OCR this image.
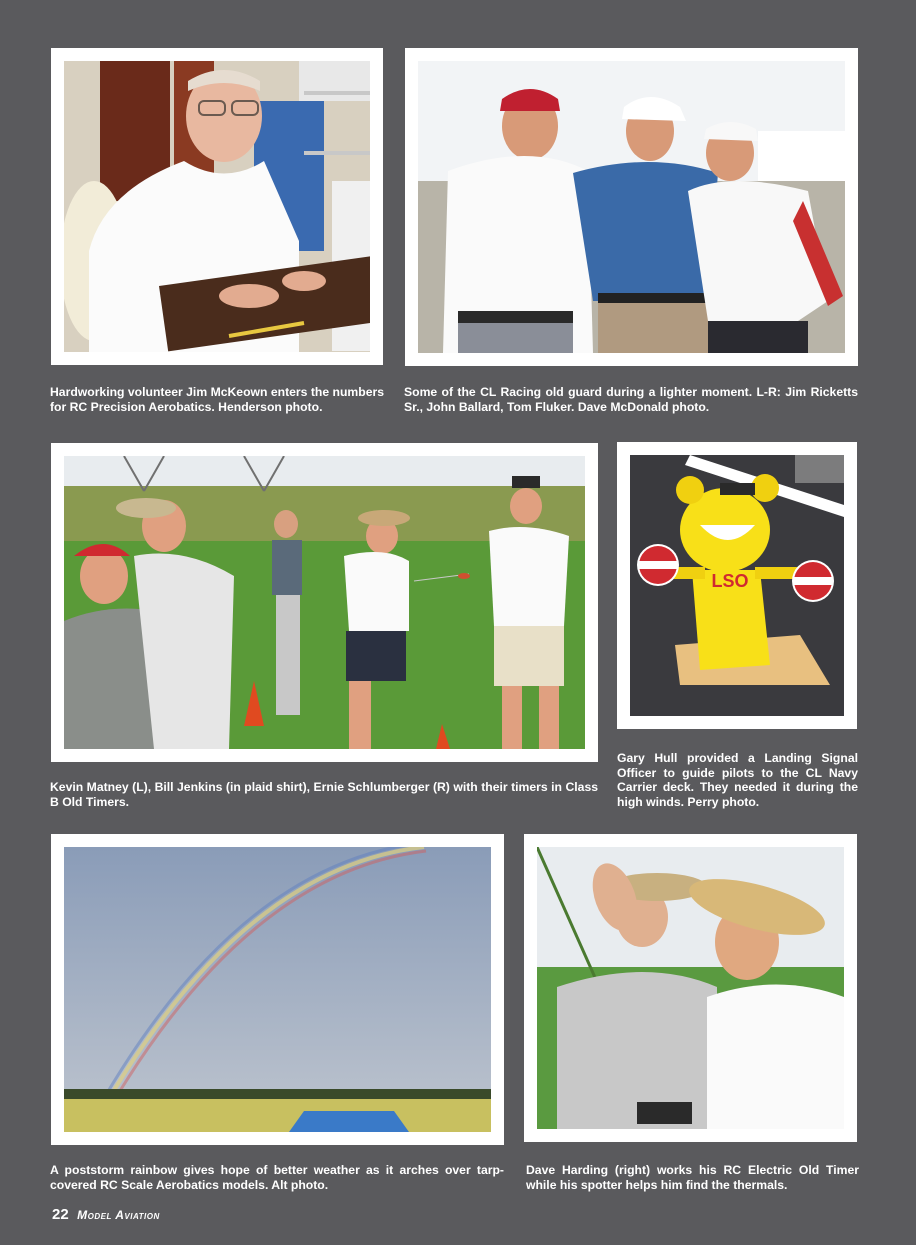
Hardworking volunteer Jim McKeown enters the numbers for RC Precision Aerobatics. Henderson photo.
Some of the CL Racing old guard during a lighter moment. L-R: Jim Ricketts Sr., John Ballard, Tom Fluker. Dave McDonald photo.
Kevin Matney (L), Bill Jenkins (in plaid shirt), Ernie Schlumberger (R) with their timers in Class B Old Timers.
LSO
Gary Hull provided a Landing Signal Officer to guide pilots to the CL Navy Carrier deck. They needed it during the high winds. Perry photo.
A poststorm rainbow gives hope of better weather as it arches over tarp-covered RC Scale Aerobatics models. Alt photo.
Dave Harding (right) works his RC Electric Old Timer while his spotter helps him find the thermals.
22 Model Aviation
